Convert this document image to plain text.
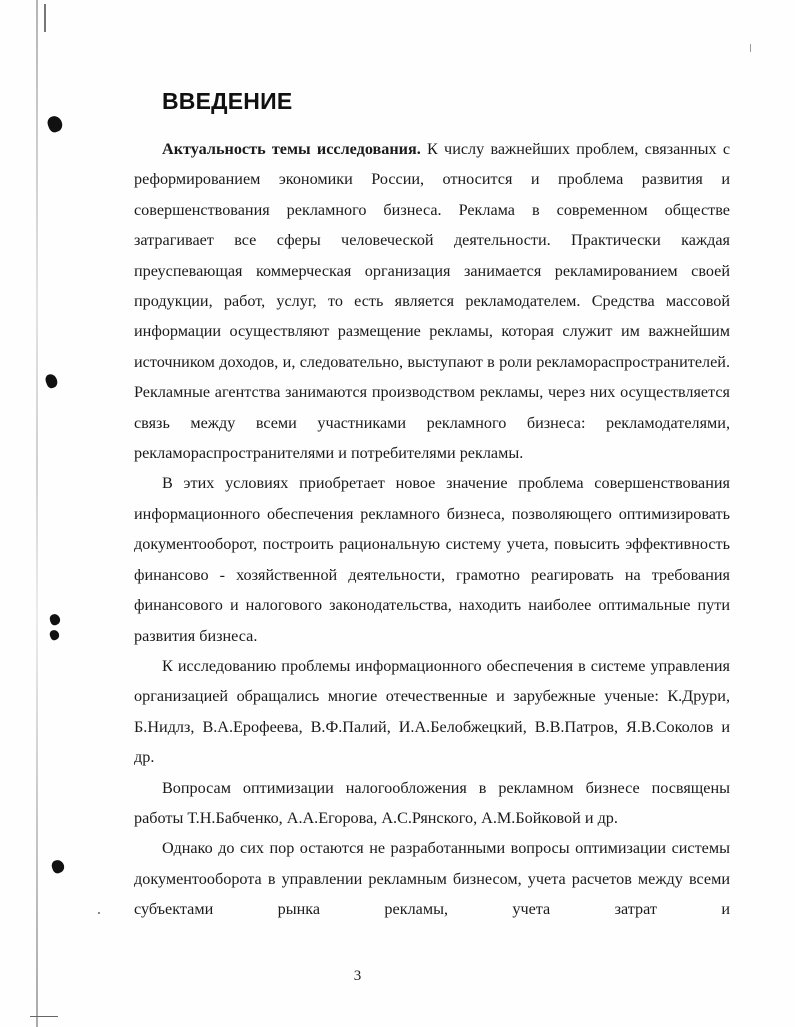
ВВЕДЕНИЕ

Актуальность темы исследования. К числу важнейших проблем, связанных с реформированием экономики России, относится и проблема развития и совершенствования рекламного бизнеса. Реклама в современном обществе затрагивает все сферы человеческой деятельности. Практически каждая преуспевающая коммерческая организация занимается рекламированием своей продукции, работ, услуг, то есть является рекламодателем. Средства массовой информации осуществляют размещение рекламы, которая служит им важнейшим источником доходов, и, следовательно, выступают в роли рекламораспространителей. Рекламные агентства занимаются производством рекламы, через них осуществляется связь между всеми участниками рекламного бизнеса: рекламодателями, рекламораспространителями и потребителями рекламы.

В этих условиях приобретает новое значение проблема совершенствования информационного обеспечения рекламного бизнеса, позволяющего оптимизировать документооборот, построить рациональную систему учета, повысить эффективность финансово - хозяйственной деятельности, грамотно реагировать на требования финансового и налогового законодательства, находить наиболее оптимальные пути развития бизнеса.

К исследованию проблемы информационного обеспечения в системе управления организацией обращались многие отечественные и зарубежные ученые: К.Друри, Б.Нидлз, В.А.Ерофеева, В.Ф.Палий, И.А.Белобжецкий, В.В.Патров, Я.В.Соколов и др.

Вопросам оптимизации налогообложения в рекламном бизнесе посвящены работы Т.Н.Бабченко, А.А.Егорова, А.С.Рянского, А.М.Бойковой и др.

Однако до сих пор остаются не разработанными вопросы оптимизации системы документооборота в управлении рекламным бизнесом, учета расчетов между всеми субъектами рынка рекламы, учета затрат и

3
